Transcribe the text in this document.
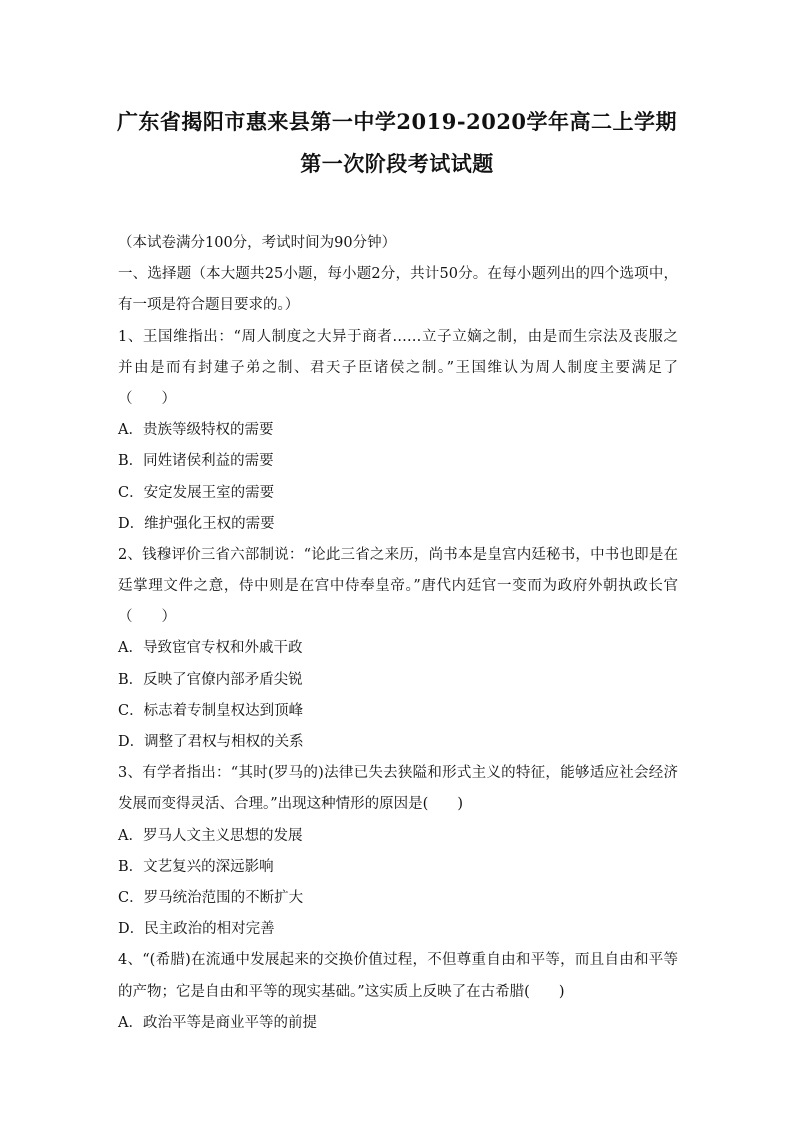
广东省揭阳市惠来县第一中学2019-2020学年高二上学期
第一次阶段考试试题
（本试卷满分100分，考试时间为90分钟）
一、选择题（本大题共25小题，每小题2分，共计50分。在每小题列出的四个选项中，
有一项是符合题目要求的。）
1、王国维指出：“周人制度之大异于商者……立子立嫡之制，由是而生宗法及丧服之
并由是而有封建子弟之制、君天子臣诸侯之制。”王国维认为周人制度主要满足了
（　　）
A．贵族等级特权的需要
B．同姓诸侯利益的需要
C．安定发展王室的需要
D．维护强化王权的需要
2、钱穆评价三省六部制说：“论此三省之来历，尚书本是皇宫内廷秘书，中书也即是在
廷掌理文件之意，侍中则是在宫中侍奉皇帝。”唐代内廷官一变而为政府外朝执政长官
（　　）
A．导致宦官专权和外戚干政
B．反映了官僚内部矛盾尖锐
C．标志着专制皇权达到顶峰
D．调整了君权与相权的关系
3、有学者指出：“其时(罗马的)法律已失去狭隘和形式主义的特征，能够适应社会经济
发展而变得灵活、合理。”出现这种情形的原因是(　　)
A．罗马人文主义思想的发展
B．文艺复兴的深远影响
C．罗马统治范围的不断扩大
D．民主政治的相对完善
4、“(希腊)在流通中发展起来的交换价值过程，不但尊重自由和平等，而且自由和平等
的产物；它是自由和平等的现实基础。”这实质上反映了在古希腊(　　)
A．政治平等是商业平等的前提
